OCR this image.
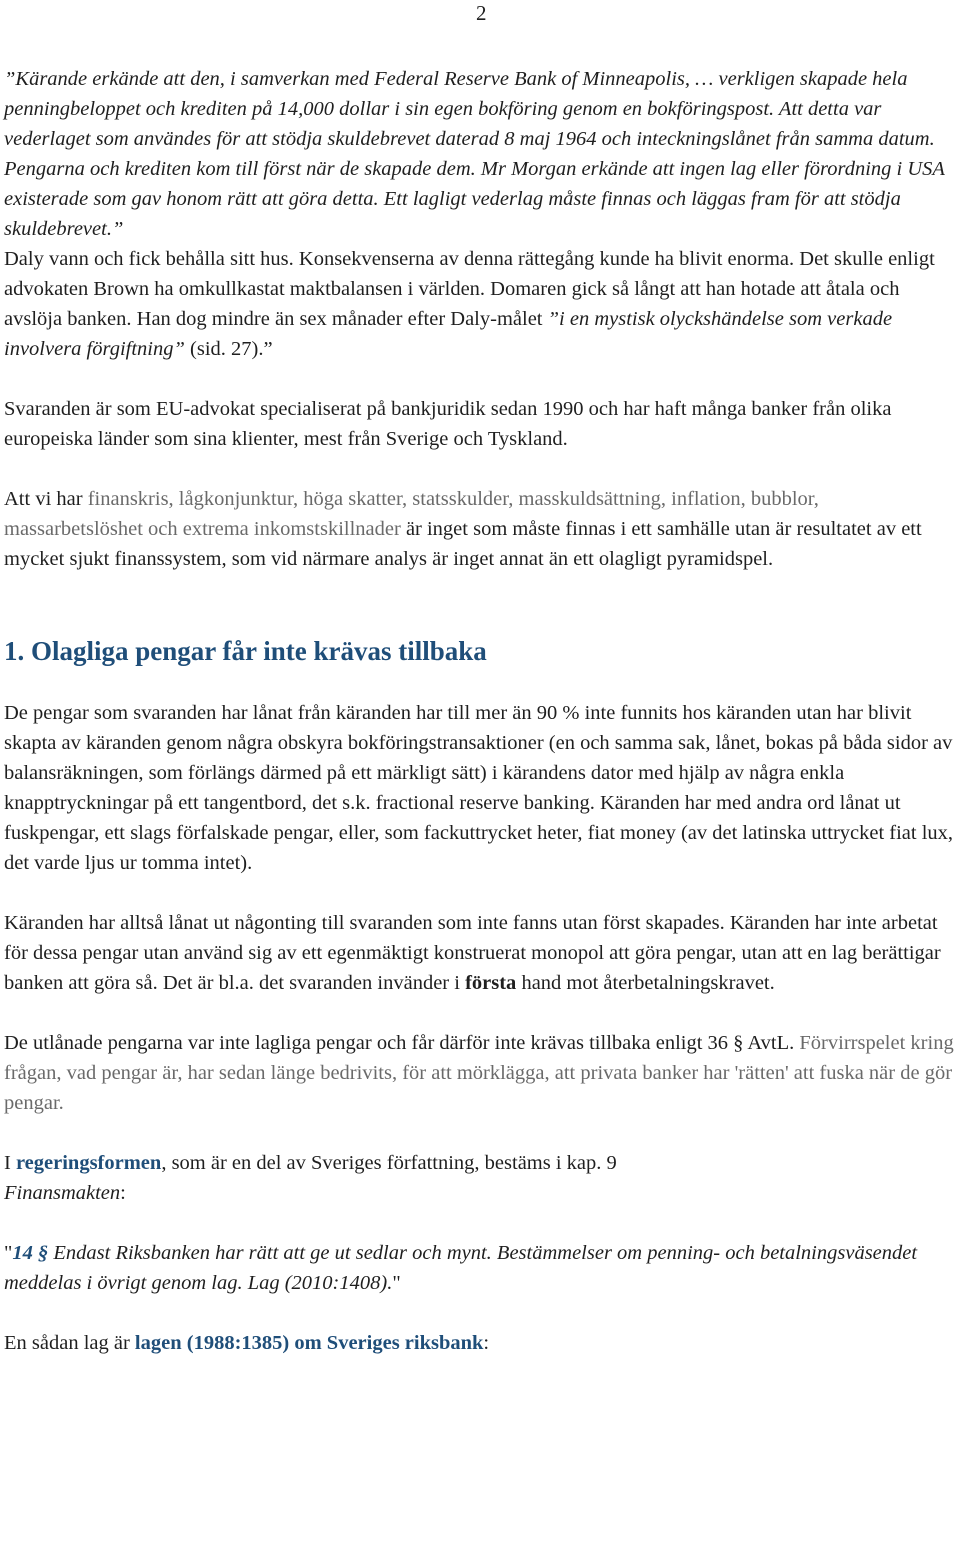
2

”Kärande erkände att den, i samverkan med Federal Reserve Bank of Minneapolis, … verkligen skapade hela penningbeloppet och krediten på 14,000 dollar i sin egen bokföring genom en bokföringspost. Att detta var vederlaget som användes för att stödja skuldebrevet daterad 8 maj 1964 och inteckningslånet från samma datum. Pengarna och krediten kom till först när de skapade dem. Mr Morgan erkände att ingen lag eller förordning i USA existerade som gav honom rätt att göra detta. Ett lagligt vederlag måste finnas och läggas fram för att stödja skuldebrevet.”
Daly vann och fick behålla sitt hus. Konsekvenserna av denna rättegång kunde ha blivit enorma. Det skulle enligt advokaten Brown ha omkullkastat maktbalansen i världen. Domaren gick så långt att han hotade att åtala och avslöja banken. Han dog mindre än sex månader efter Daly-målet ”i en mystisk olyckshändelse som verkade involvera förgiftning” (sid. 27).”

Svaranden är som EU-advokat specialiserat på bankjuridik sedan 1990 och har haft många banker från olika europeiska länder som sina klienter, mest från Sverige och Tyskland.

Att vi har finanskris, lågkonjunktur, höga skatter, statsskulder, masskuldsättning, inflation, bubblor, massarbetslöshet och extrema inkomstskillnader är inget som måste finnas i ett samhälle utan är resultatet av ett mycket sjukt finanssystem, som vid närmare analys är inget annat än ett olagligt pyramidspel.

1. Olagliga pengar får inte krävas tillbaka

De pengar som svaranden har lånat från käranden har till mer än 90 % inte funnits hos käranden utan har blivit skapta av käranden genom några obskyra bokföringstransaktioner (en och samma sak, lånet, bokas på båda sidor av balansräkningen, som förlängs därmed på ett märkligt sätt) i kärandens dator med hjälp av några enkla knapptryckningar på ett tangentbord, det s.k. fractional reserve banking. Käranden har med andra ord lånat ut fuskpengar, ett slags förfalskade pengar, eller, som fackuttrycket heter, fiat money (av det latinska uttrycket fiat lux, det varde ljus ur tomma intet).

Käranden har alltså lånat ut någonting till svaranden som inte fanns utan först skapades. Käranden har inte arbetat för dessa pengar utan använd sig av ett egenmäktigt konstruerat monopol att göra pengar, utan att en lag berättigar banken att göra så. Det är bl.a. det svaranden invänder i första hand mot återbetalningskravet.

De utlånade pengarna var inte lagliga pengar och får därför inte krävas tillbaka enligt 36 § AvtL. Förvirrspelet kring frågan, vad pengar är, har sedan länge bedrivits, för att mörklägga, att privata banker har 'rätten' att fuska när de gör pengar.

I regeringsformen, som är en del av Sveriges författning, bestäms i kap. 9
Finansmakten:

"14 § Endast Riksbanken har rätt att ge ut sedlar och mynt. Bestämmelser om penning- och betalningsväsendet meddelas i övrigt genom lag. Lag (2010:1408)."

En sådan lag är lagen (1988:1385) om Sveriges riksbank:
